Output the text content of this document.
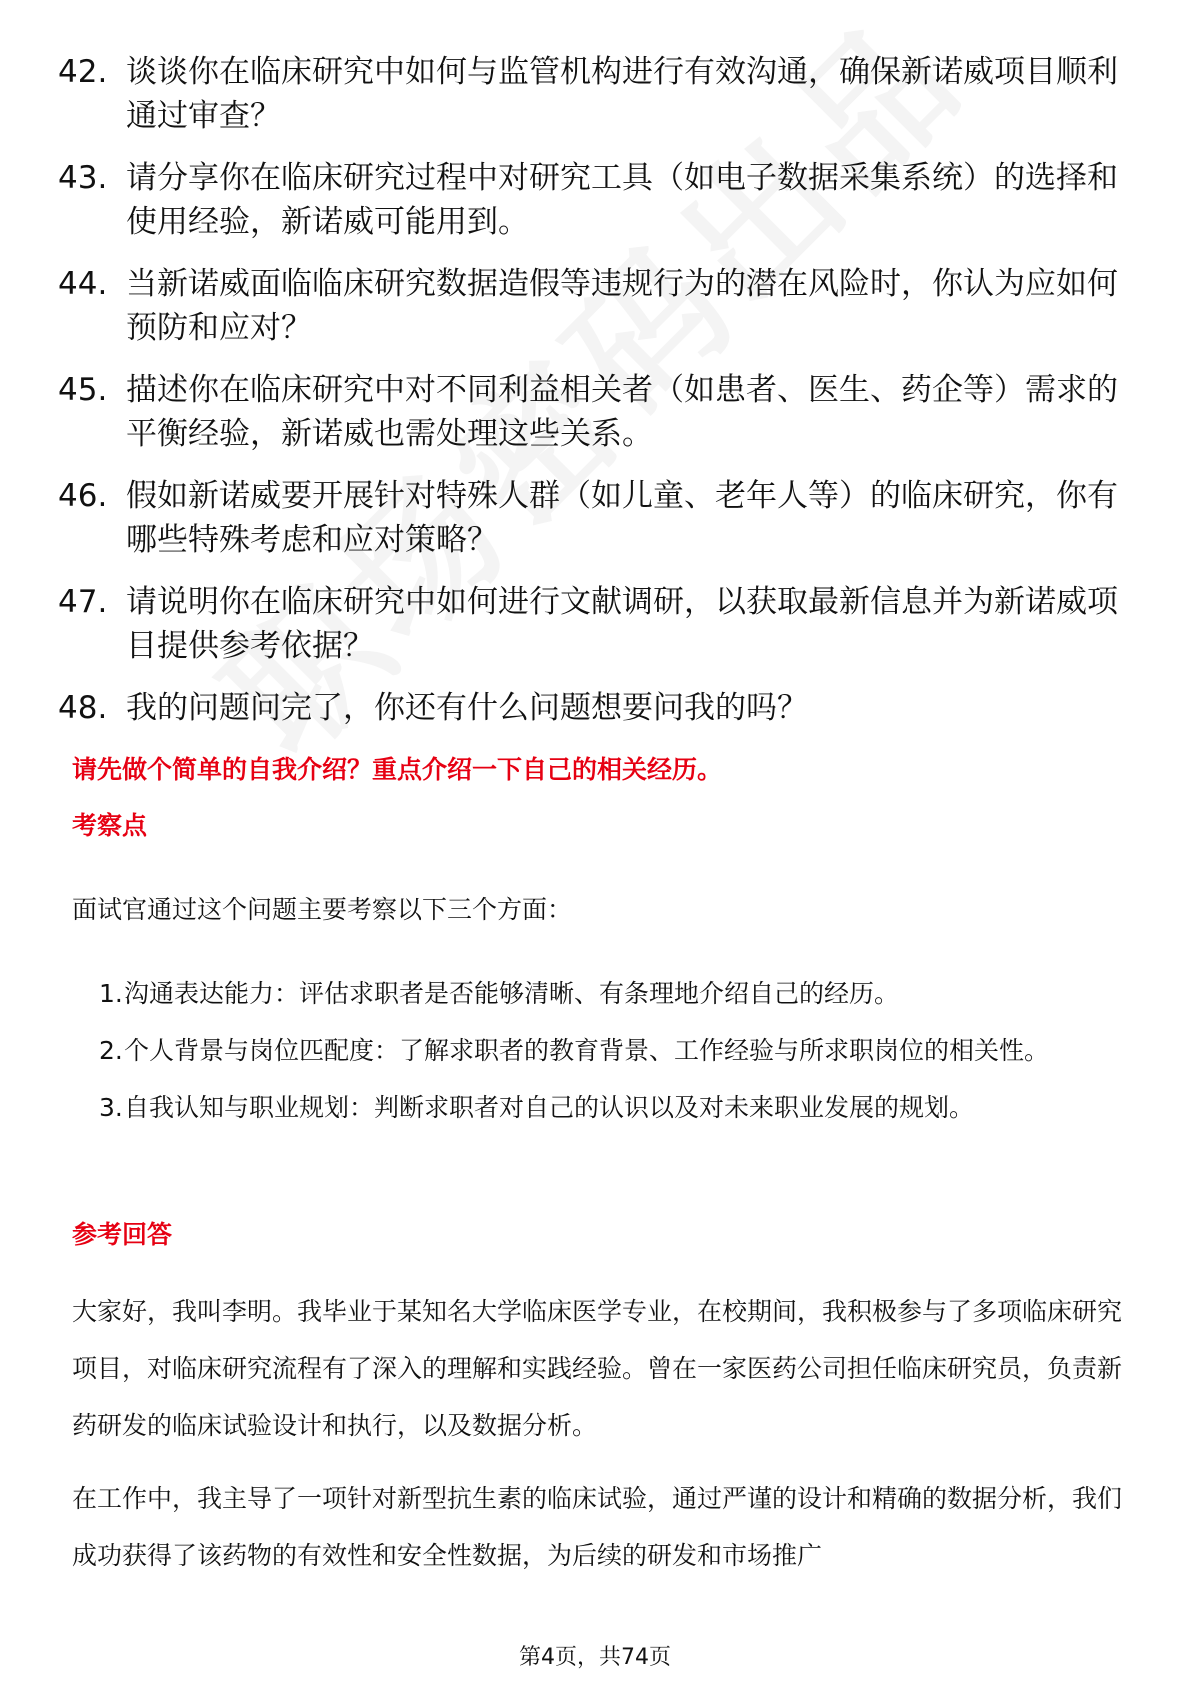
42. 谈谈你在临床研究中如何与监管机构进行有效沟通，确保新诺威项目顺利通过审查？
43. 请分享你在临床研究过程中对研究工具（如电子数据采集系统）的选择和使用经验，新诺威可能用到。
44. 当新诺威面临临床研究数据造假等违规行为的潜在风险时，你认为应如何预防和应对？
45. 描述你在临床研究中对不同利益相关者（如患者、医生、药企等）需求的平衡经验，新诺威也需处理这些关系。
46. 假如新诺威要开展针对特殊人群（如儿童、老年人等）的临床研究，你有哪些特殊考虑和应对策略？
47. 请说明你在临床研究中如何进行文献调研，以获取最新信息并为新诺威项目提供参考依据？
48. 我的问题问完了，你还有什么问题想要问我的吗？
请先做个简单的自我介绍？重点介绍一下自己的相关经历。
考察点
面试官通过这个问题主要考察以下三个方面：
1. 沟通表达能力：评估求职者是否能够清晰、有条理地介绍自己的经历。
2. 个人背景与岗位匹配度：了解求职者的教育背景、工作经验与所求职岗位的相关性。
3. 自我认知与职业规划：判断求职者对自己的认识以及对未来职业发展的规划。
参考回答
大家好，我叫李明。我毕业于某知名大学临床医学专业，在校期间，我积极参与了多项临床研究项目，对临床研究流程有了深入的理解和实践经验。曾在一家医药公司担任临床研究员，负责新药研发的临床试验设计和执行，以及数据分析。
在工作中，我主导了一项针对新型抗生素的临床试验，通过严谨的设计和精确的数据分析，我们成功获得了该药物的有效性和安全性数据，为后续的研发和市场推广
第4页，共74页
